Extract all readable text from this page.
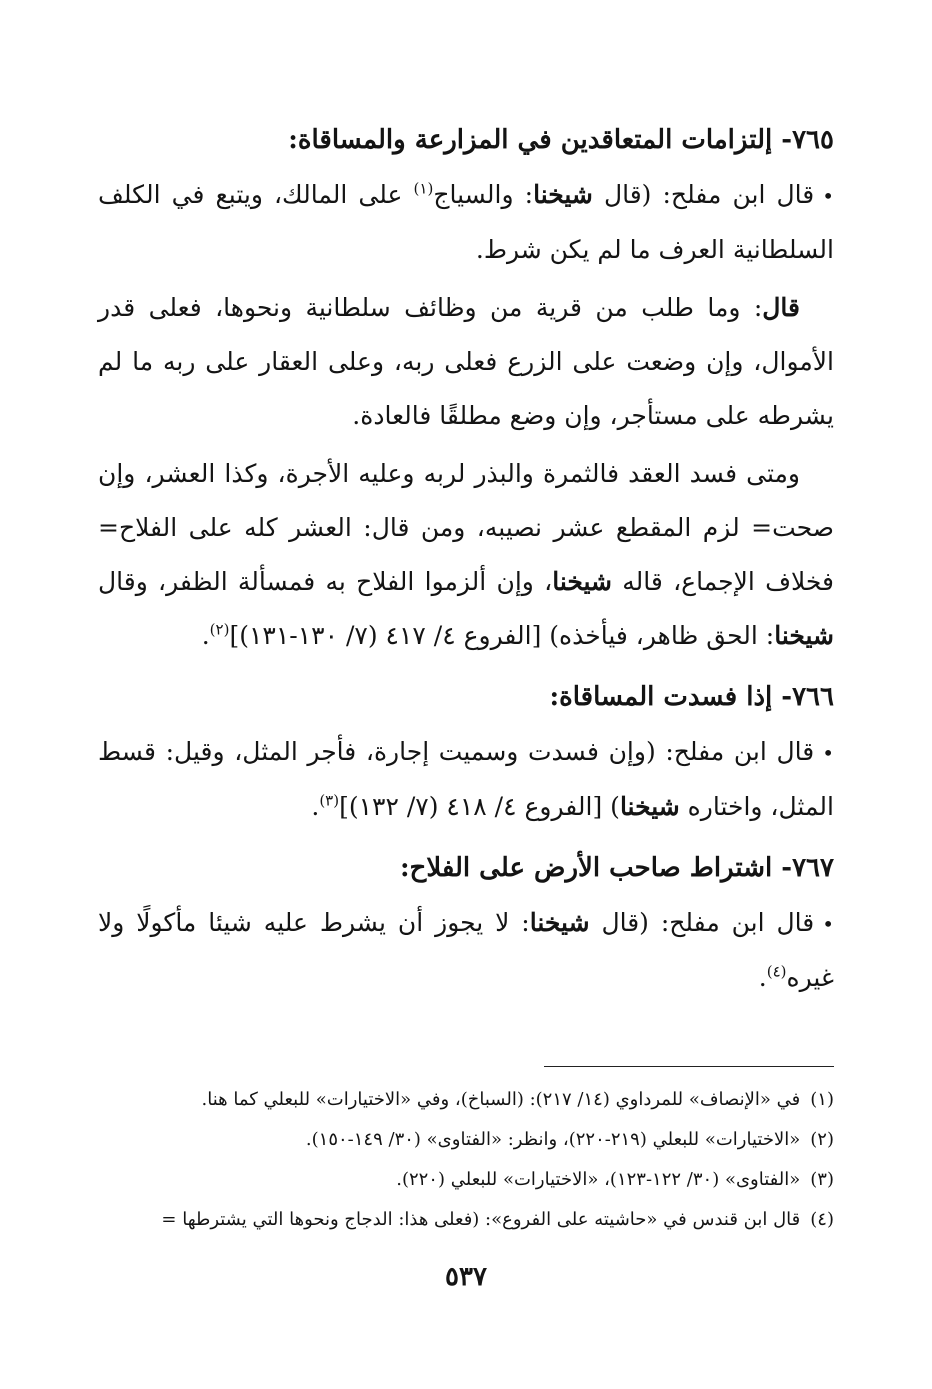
٧٦٥- إلتزامات المتعاقدين في المزارعة والمساقاة:

•قال ابن مفلح: (قال شيخنا: والسياج$^{(١)}$ على المالك، ويتبع في الكلف السلطانية العرف ما لم يكن شرط.

قال: وما طلب من قرية من وظائف سلطانية ونحوها، فعلى قدر الأموال، وإن وضعت على الزرع فعلى ربه، وعلى العقار على ربه ما لم يشرطه على مستأجر، وإن وضع مطلقًا فالعادة.

ومتى فسد العقد فالثمرة والبذر لربه وعليه الأجرة، وكذا العشر، وإن صحت= لزم المقطع عشر نصيبه، ومن قال: العشر كله على الفلاح= فخلاف الإجماع، قاله شيخنا، وإن ألزموا الفلاح به فمسألة الظفر، وقال شيخنا: الحق ظاهر، فيأخذه) [الفروع ٤/ ٤١٧ (٧/ ١٣٠-١٣١)]$^{(٢)}$.

٧٦٦- إذا فسدت المساقاة:

•قال ابن مفلح: (وإن فسدت وسميت إجارة، فأجر المثل، وقيل: قسط المثل، واختاره شيخنا) [الفروع ٤/ ٤١٨ (٧/ ١٣٢)]$^{(٣)}$.

٧٦٧- اشتراط صاحب الأرض على الفلاح:

•قال ابن مفلح: (قال شيخنا: لا يجوز أن يشرط عليه شيئا مأكولًا ولا غيره$^{(٤)}$.

(١)في «الإنصاف» للمرداوي (١٤/ ٢١٧): (السباخ)، وفي «الاختيارات» للبعلي كما هنا.
(٢)«الاختيارات» للبعلي (٢١٩-٢٢٠)، وانظر: «الفتاوى» (٣٠/ ١٤٩-١٥٠).
(٣)«الفتاوى» (٣٠/ ١٢٢-١٢٣)، «الاختيارات» للبعلي (٢٢٠).
(٤)قال ابن قندس في «حاشيته على الفروع»: (فعلى هذا: الدجاج ونحوها التي يشترطها =
٥٣٧
